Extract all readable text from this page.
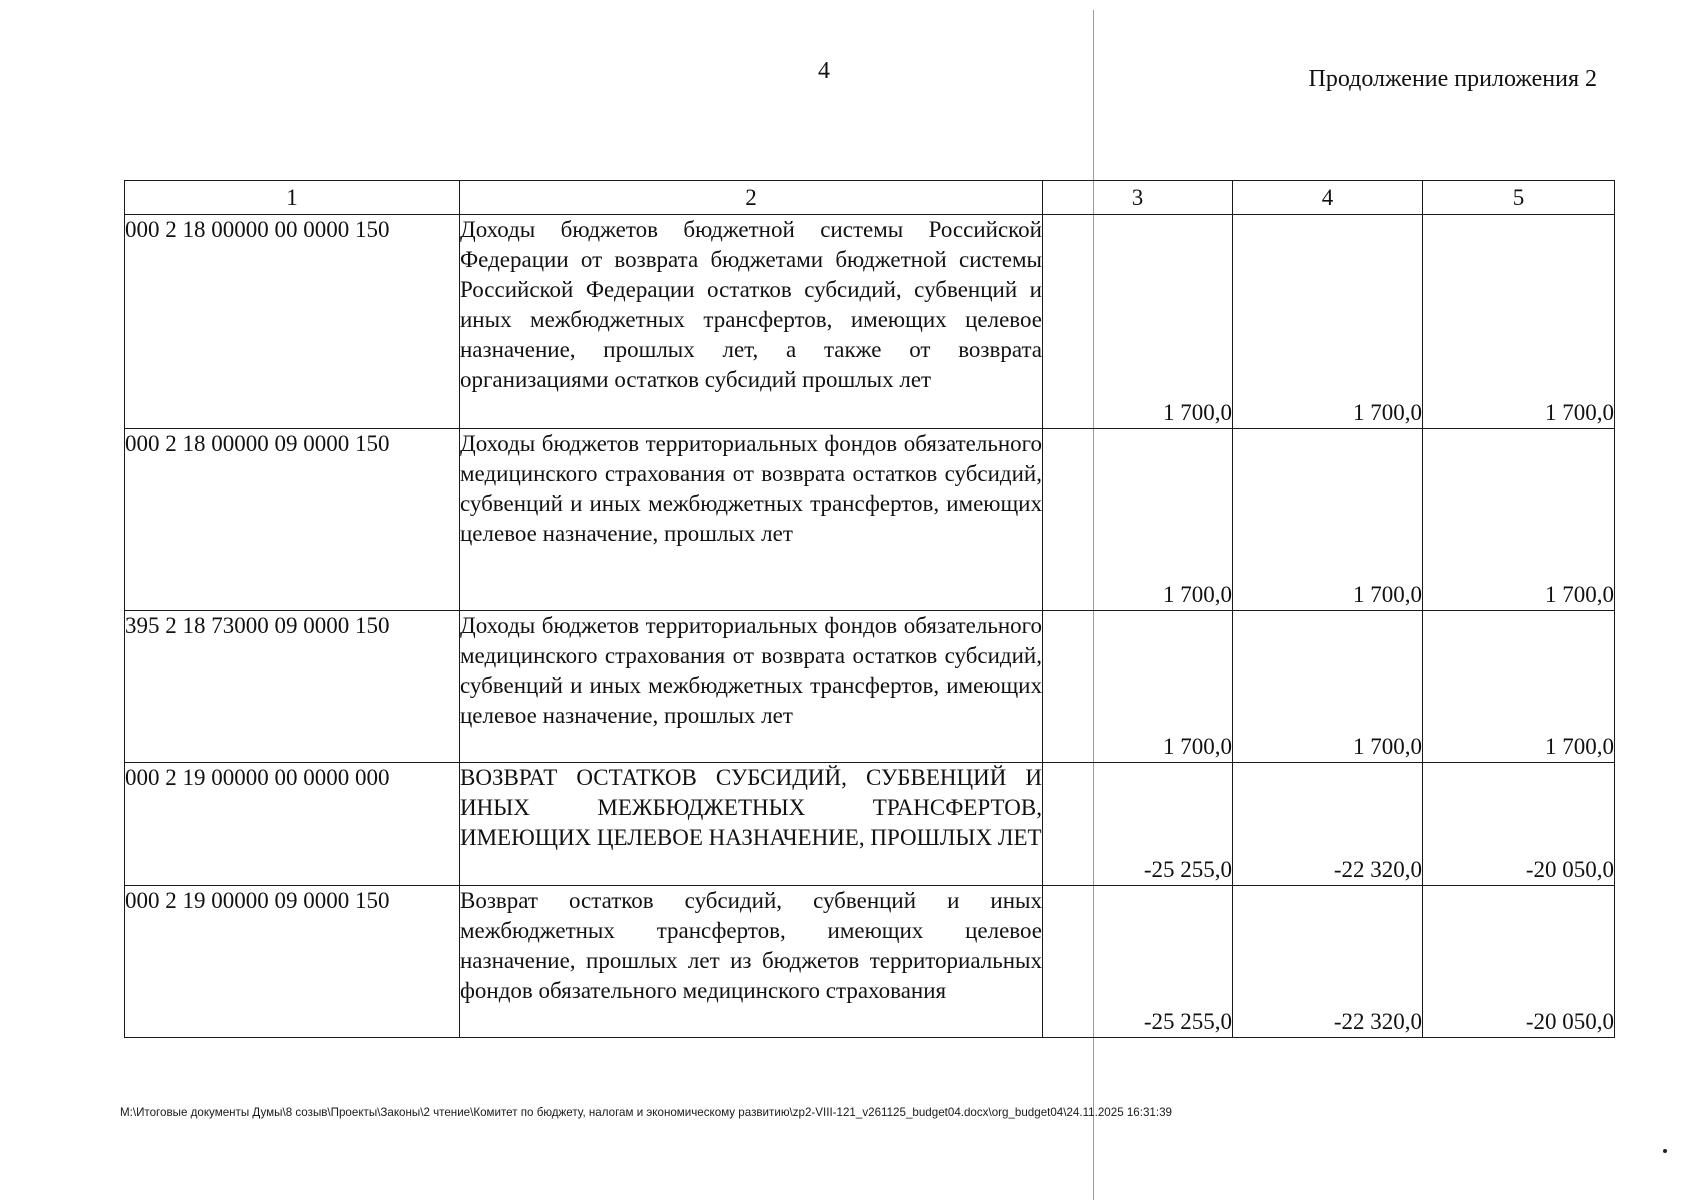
4	Продолжение приложения 2
1	2	3	4	5
000 2 18 00000 00 0000 150	Доходы бюджетов бюджетной системы Российской Федерации от возврата бюджетами бюджетной системы Российской Федерации остатков субсидий, субвенций и иных межбюджетных трансфертов, имеющих целевое назначение, прошлых лет, а также от возврата организациями остатков субсидий прошлых лет	1 700,0	1 700,0	1 700,0
000 2 18 00000 09 0000 150	Доходы бюджетов территориальных фондов обязательного медицинского страхования от возврата остатков субсидий, субвенций и иных межбюджетных трансфертов, имеющих целевое назначение, прошлых лет	1 700,0	1 700,0	1 700,0
395 2 18 73000 09 0000 150	Доходы бюджетов территориальных фондов обязательного медицинского страхования от возврата остатков субсидий, субвенций и иных межбюджетных трансфертов, имеющих целевое назначение, прошлых лет	1 700,0	1 700,0	1 700,0
000 2 19 00000 00 0000 000	ВОЗВРАТ ОСТАТКОВ СУБСИДИЙ, СУБВЕНЦИЙ И ИНЫХ МЕЖБЮДЖЕТНЫХ ТРАНСФЕРТОВ, ИМЕЮЩИХ ЦЕЛЕВОЕ НАЗНАЧЕНИЕ, ПРОШЛЫХ ЛЕТ	-25 255,0	-22 320,0	-20 050,0
000 2 19 00000 09 0000 150	Возврат остатков субсидий, субвенций и иных межбюджетных трансфертов, имеющих целевое назначение, прошлых лет из бюджетов территориальных фондов обязательного медицинского страхования	-25 255,0	-22 320,0	-20 050,0
M:\Итоговые документы Думы\8 созыв\Проекты\Законы\2 чтение\Комитет по бюджету, налогам и экономическому развитию\zp2-VIII-121_v261125_budget04.docx\org_budget04\24.11.2025 16:31:39
